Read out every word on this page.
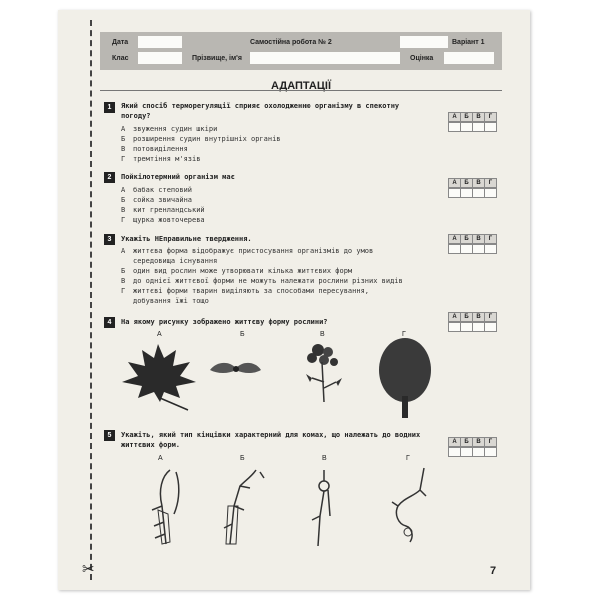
✂
Дата	Самостійна робота № 2	Варіант 1
Клас	Прізвище, ім'я	Оцінка
АДАПТАЦІЇ
1	Який спосіб терморегуляції сприяє охолодженню організму в спекотну
погоду?
А звуження судин шкіри
Б розширення судин внутрішніх органів
В потовиділення
Г тремтіння м'язів
А	Б	В	Г
2	Пойкілотермний організм має
А бабак степовий
Б сойка звичайна
В кит гренландський
Г щурка жовточерева
А	Б	В	Г
3	Укажіть НЕправильне твердження.
А життєва форма відображує пристосування організмів до умов
середовища існування
Б один вид рослин може утворювати кілька життєвих форм
В до однієї життєвої форми не можуть належати рослини різних видів
Г життєві форми тварин виділяють за способами пересування,
добування їжі тощо
А	Б	В	Г
4	На якому рисунку зображено життєву форму рослини?
А	Б	В	Г
А	Б	В	Г
5	Укажіть, який тип кінцівки характерний для комах, що належать до водних
життєвих форм.	А	Б	В	Г
А	Б	В	Г
7
